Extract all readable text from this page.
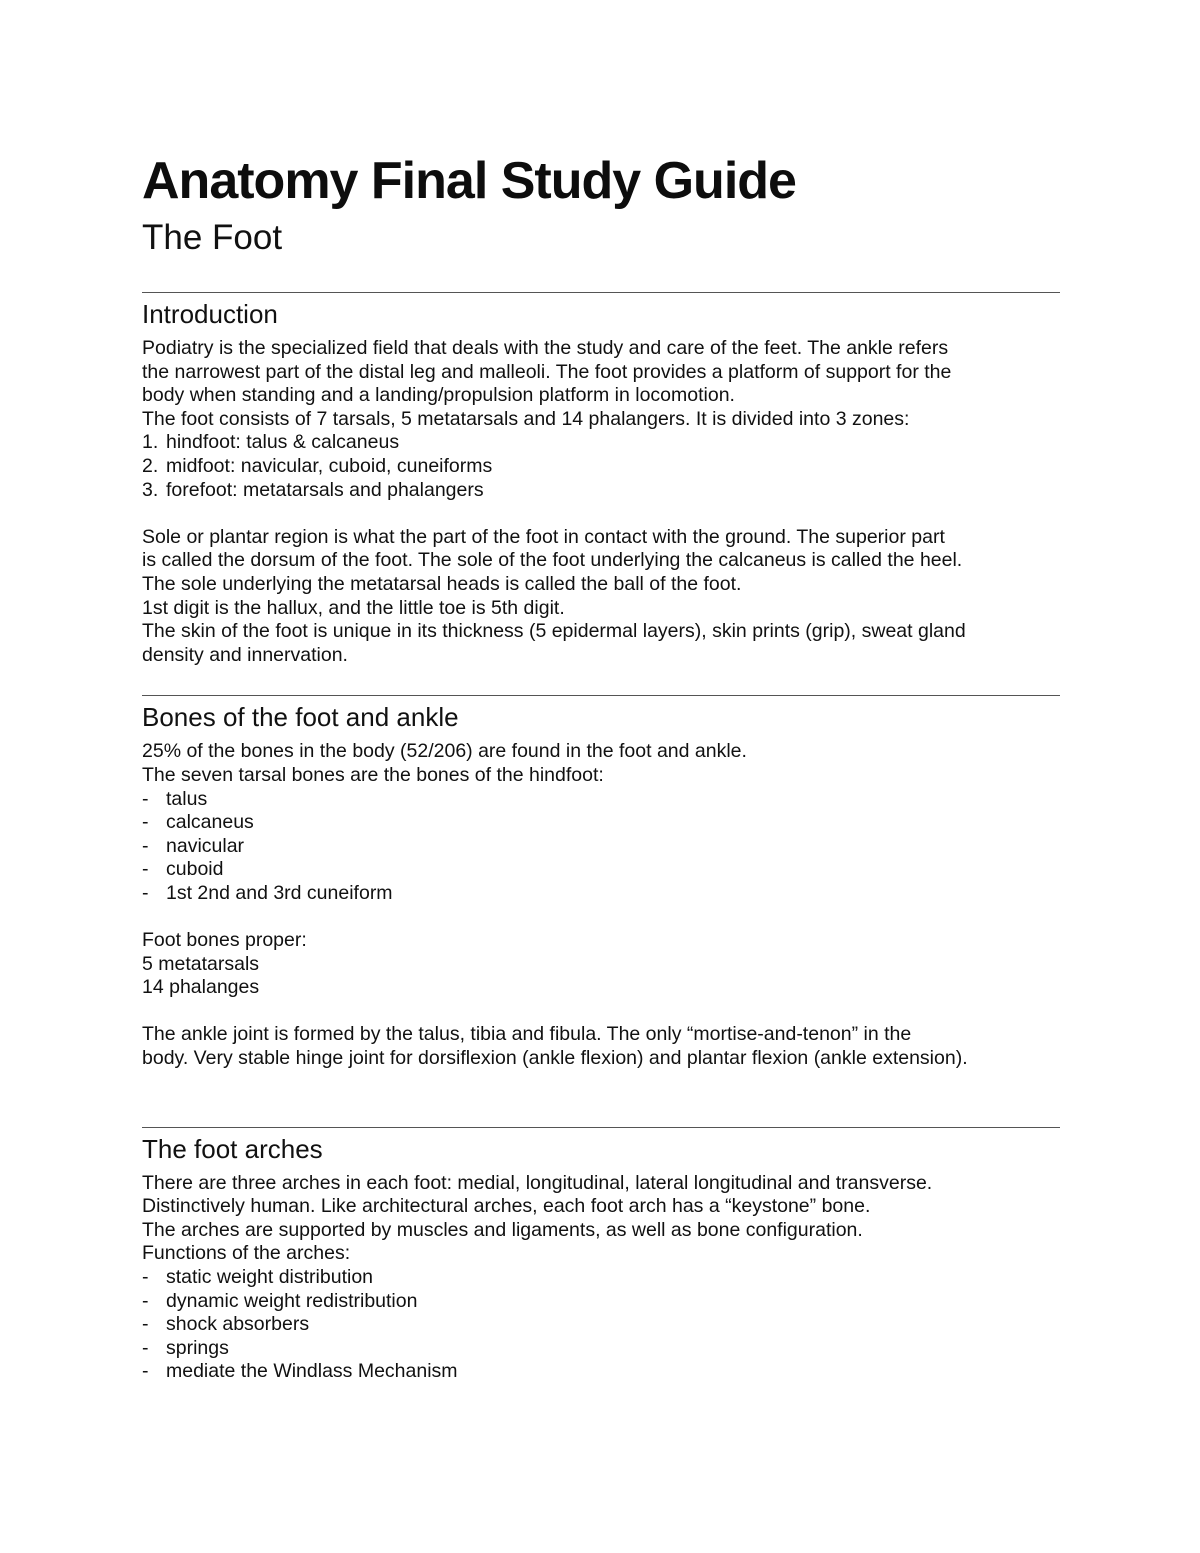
Anatomy Final Study Guide
The Foot
Introduction

Podiatry is the specialized field that deals with the study and care of the feet. The ankle refers

the narrowest part of the distal leg and malleoli. The foot provides a platform of support for the

body when standing and a landing/propulsion platform in locomotion.

The foot consists of 7 tarsals, 5 metatarsals and 14 phalangers. It is divided into 3 zones:

1. hindfoot: talus & calcaneus
2. midfoot: navicular, cuboid, cuneiforms
3. forefoot: metatarsals and phalangers

Sole or plantar region is what the part of the foot in contact with the ground. The superior part

is called the dorsum of the foot. The sole of the foot underlying the calcaneus is called the heel.

The sole underlying the metatarsal heads is called the ball of the foot.

1st digit is the hallux, and the little toe is 5th digit.

The skin of the foot is unique in its thickness (5 epidermal layers), skin prints (grip), sweat gland

density and innervation.

Bones of the foot and ankle

25% of the bones in the body (52/206) are found in the foot and ankle.

The seven tarsal bones are the bones of the hindfoot:

- talus
- calcaneus
- navicular
- cuboid
- 1st 2nd and 3rd cuneiform

Foot bones proper:

5 metatarsals

14 phalanges

The ankle joint is formed by the talus, tibia and fibula. The only “mortise-and-tenon” in the

body. Very stable hinge joint for dorsiflexion (ankle flexion) and plantar flexion (ankle extension).

The foot arches

There are three arches in each foot: medial, longitudinal, lateral longitudinal and transverse.

Distinctively human. Like architectural arches, each foot arch has a “keystone” bone.

The arches are supported by muscles and ligaments, as well as bone configuration.

Functions of the arches:

- static weight distribution
- dynamic weight redistribution
- shock absorbers
- springs
- mediate the Windlass Mechanism
